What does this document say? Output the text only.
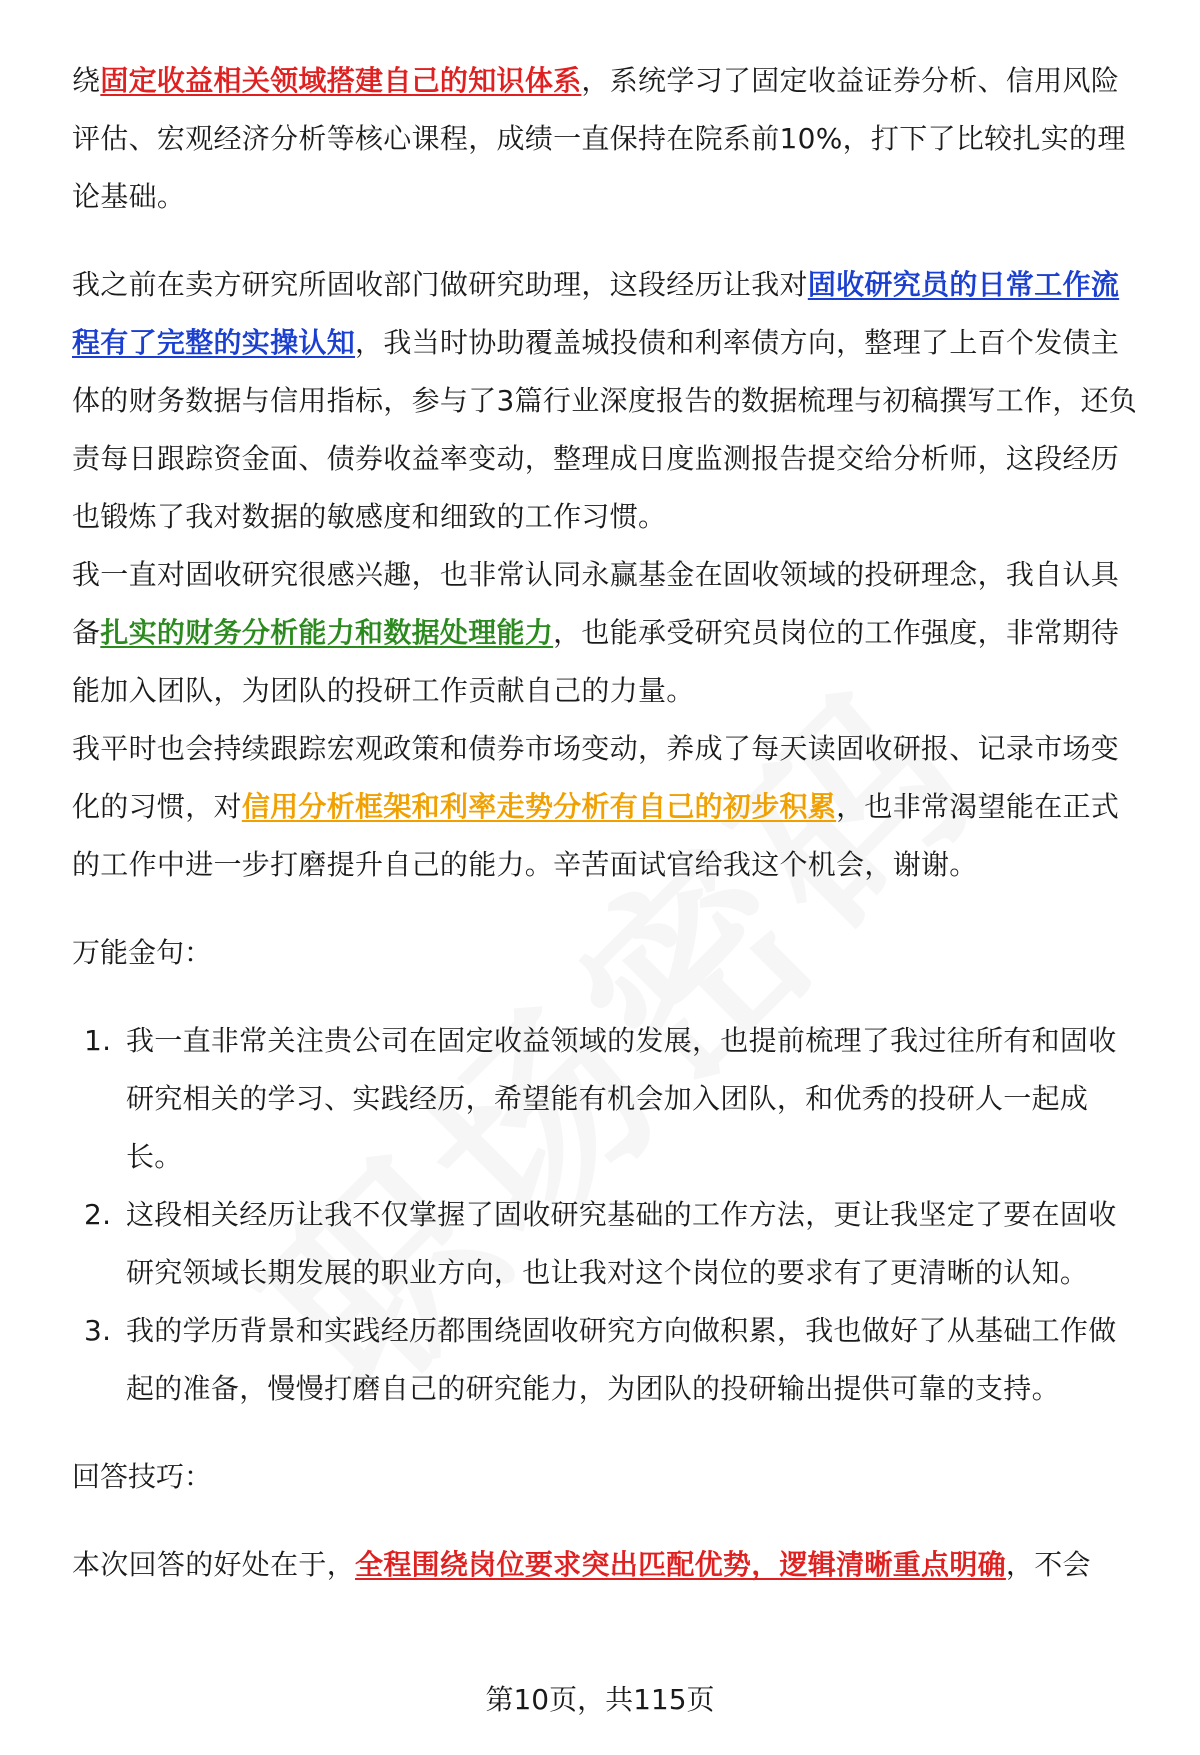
绕固定收益相关领域搭建自己的知识体系，系统学习了固定收益证券分析、信用风险评估、宏观经济分析等核心课程，成绩一直保持在院系前10%，打下了比较扎实的理论基础。

我之前在卖方研究所固收部门做研究助理，这段经历让我对固收研究员的日常工作流程有了完整的实操认知，我当时协助覆盖城投债和利率债方向，整理了上百个发债主体的财务数据与信用指标，参与了3篇行业深度报告的数据梳理与初稿撰写工作，还负责每日跟踪资金面、债券收益率变动，整理成日度监测报告提交给分析师，这段经历也锻炼了我对数据的敏感度和细致的工作习惯。

我一直对固收研究很感兴趣，也非常认同永赢基金在固收领域的投研理念，我自认具备扎实的财务分析能力和数据处理能力，也能承受研究员岗位的工作强度，非常期待能加入团队，为团队的投研工作贡献自己的力量。

我平时也会持续跟踪宏观政策和债券市场变动，养成了每天读固收研报、记录市场变化的习惯，对信用分析框架和利率走势分析有自己的初步积累，也非常渴望能在正式的工作中进一步打磨提升自己的能力。辛苦面试官给我这个机会，谢谢。

万能金句：

1. 我一直非常关注贵公司在固定收益领域的发展，也提前梳理了我过往所有和固收研究相关的学习、实践经历，希望能有机会加入团队，和优秀的投研人一起成长。
2. 这段相关经历让我不仅掌握了固收研究基础的工作方法，更让我坚定了要在固收研究领域长期发展的职业方向，也让我对这个岗位的要求有了更清晰的认知。
3. 我的学历背景和实践经历都围绕固收研究方向做积累，我也做好了从基础工作做起的准备，慢慢打磨自己的研究能力，为团队的投研输出提供可靠的支持。

回答技巧：

本次回答的好处在于，全程围绕岗位要求突出匹配优势，逻辑清晰重点明确，不会

第10页，共115页
